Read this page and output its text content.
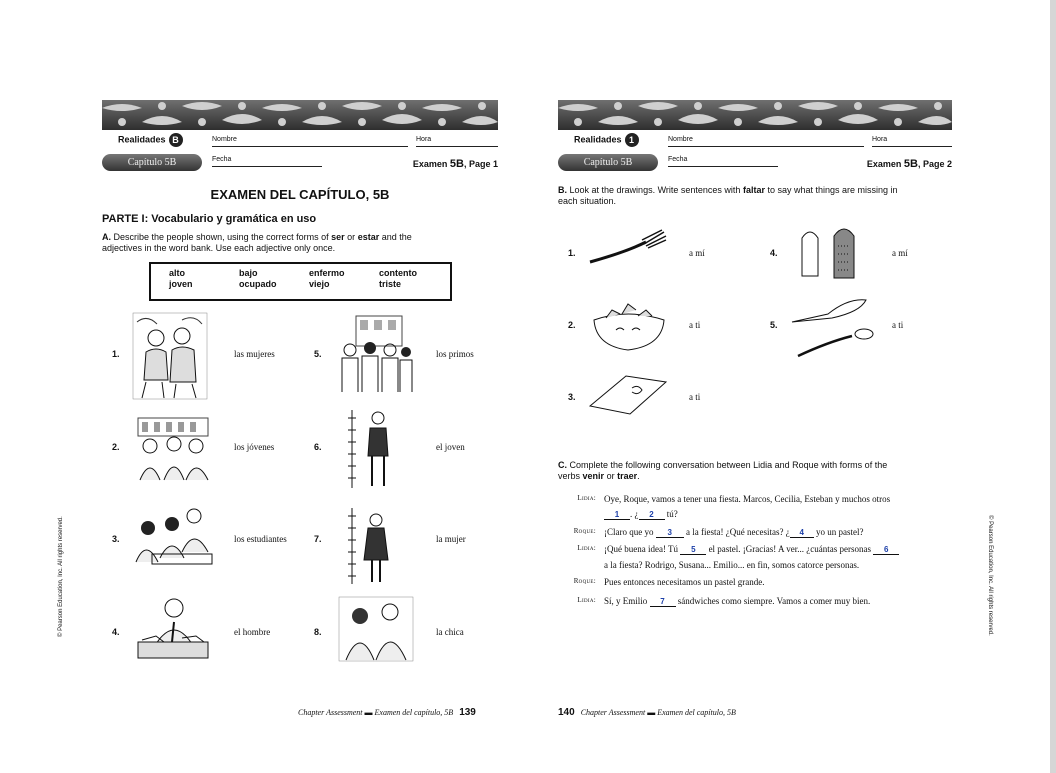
© Pearson Education, Inc. All rights reserved.	© Pearson Education, Inc. All rights reserved.
Realidades B	Nombre	Hora
Capítulo 5B	Fecha	Examen 5B, Page 1
EXAMEN DEL CAPÍTULO, 5B
PARTE I: Vocabulario y gramática en uso
A. Describe the people shown, using the correct forms of ser or estar and the
adjectives in the word bank. Use each adjective only once.
alto	bajo	enfermo	contento
joven	ocupado	viejo	triste
1.	las mujeres
2.	los jóvenes
3.	los estudiantes
4.	el hombre
5.	los primos
6.	el joven
7.	la mujer
8.	la chica
Chapter Assessment ▬ Examen del capítulo, 5B 139
Realidades 1	Nombre	Hora
Capítulo 5B	Fecha	Examen 5B, Page 2
B. Look at the drawings. Write sentences with faltar to say what things are missing in
each situation.
1.	a mí
2.	a ti
3.	a ti
4.	a mí
5.	a ti
C. Complete the following conversation between Lidia and Roque with forms of the
verbs venir or traer.
Lidia: Oye, Roque, vamos a tener una fiesta. Marcos, Cecilia, Esteban y muchos otros
1 . ¿ 2 tú?
Roque: ¡Claro que yo 3 a la fiesta! ¿Qué necesitas? ¿ 4 yo un pastel?
Lidia: ¡Qué buena idea! Tú 5 el pastel. ¡Gracias! A ver... ¿cuántas personas 6
a la fiesta? Rodrigo, Susana... Emilio... en fin, somos catorce personas.
Roque: Pues entonces necesitamos un pastel grande.
Lidia: Sí, y Emilio 7 sándwiches como siempre. Vamos a comer muy bien.
140 Chapter Assessment ▬ Examen del capítulo, 5B
